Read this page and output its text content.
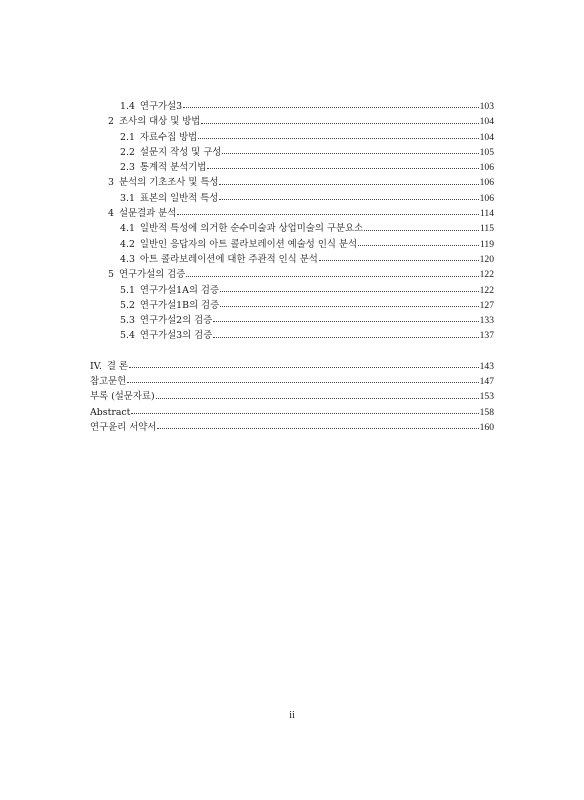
1.4 연구가설3	103
2 조사의 대상 및 방법	104
2.1 자료수집 방법	104
2.2 설문지 작성 및 구성	105
2.3 통계적 분석기법	106
3 분석의 기초조사 및 특성	106
3.1 표본의 일반적 특성	106
4 설문결과 분석	114
4.1 일반적 특성에 의거한 순수미술과 상업미술의 구분요소	115
4.2 일반인 응답자의 아트 콜라보레이션 예술성 인식 분석	119
4.3 아트 콜라보레이션에 대한 주관적 인식 분석	120
5 연구가설의 검증	122
5.1 연구가설1A의 검증	122
5.2 연구가설1B의 검증	127
5.3 연구가설2의 검증	133
5.4 연구가설3의 검증	137
IV. 결 론	143
참고문헌	147
부록 (설문자료)	153
Abstract	158
연구윤리 서약서	160
ii
